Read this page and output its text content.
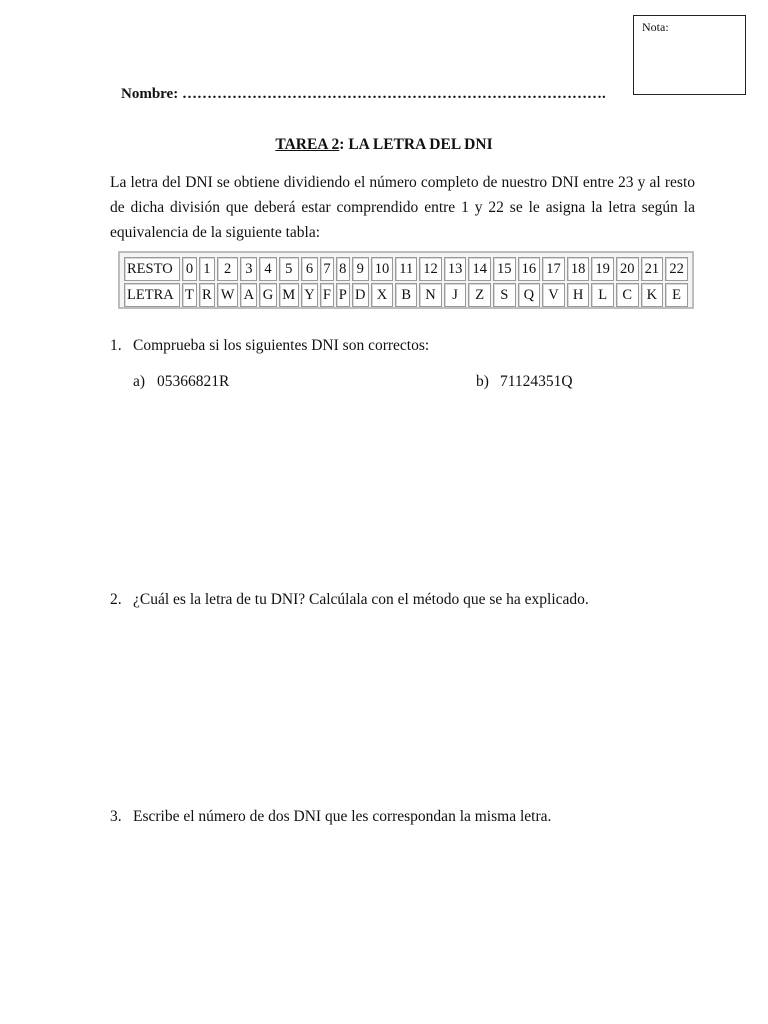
Nota:
Nombre: ………………………………………………………………………….
TAREA 2: LA LETRA DEL DNI
La letra del DNI se obtiene dividiendo el número completo de nuestro DNI entre 23 y al resto
de dicha división que deberá estar comprendido entre 1 y 22 se le asigna la letra según la
equivalencia de la siguiente tabla:
RESTO	0	1	2	3	4	5	6	7	8	9	10	11	12	13	14	15	16	17	18	19	20	21	22
LETRA	T	R	W	A	G	M	Y	F	P	D	X	B	N	J	Z	S	Q	V	H	L	C	K	E
1. Comprueba si los siguientes DNI son correctos:
a) 05366821R	b) 71124351Q
2. ¿Cuál es la letra de tu DNI? Calcúlala con el método que se ha explicado.
3. Escribe el número de dos DNI que les correspondan la misma letra.
